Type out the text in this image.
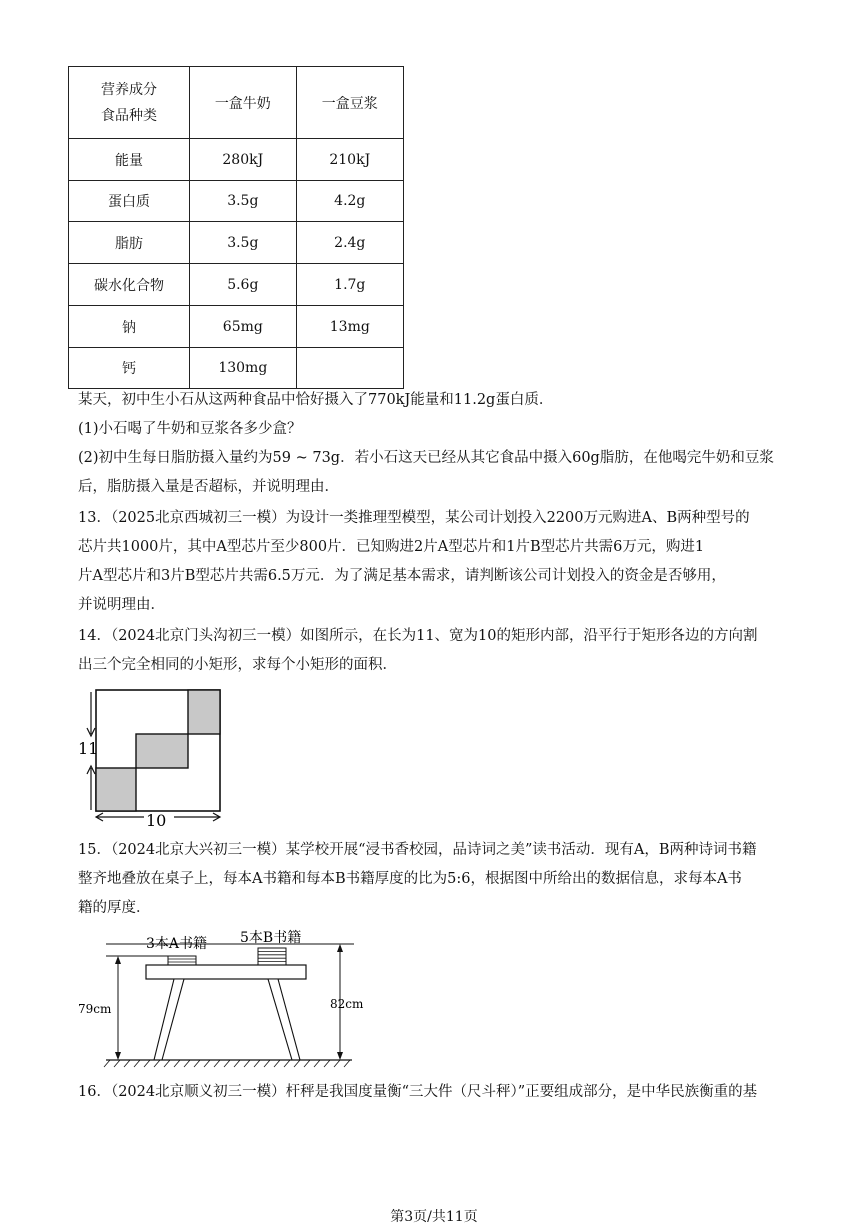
营养成分
食品种类	一盒牛奶	一盒豆浆
能量	280kJ	210kJ
蛋白质	3.5g	4.2g
脂肪	3.5g	2.4g
碳水化合物	5.6g	1.7g
钠	65mg	13mg
钙	130mg	
某天，初中生小石从这两种食品中恰好摄入了770kJ能量和11.2g蛋白质．
(1)小石喝了牛奶和豆浆各多少盒？
(2)初中生每日脂肪摄入量约为59 ~ 73g．若小石这天已经从其它食品中摄入60g脂肪，在他喝完牛奶和豆浆
后，脂肪摄入量是否超标，并说明理由．
13．（2025北京西城初三一模）为设计一类推理型模型，某公司计划投入2200万元购进A、B两种型号的
芯片共1000片，其中A型芯片至少800片．已知购进2片A型芯片和1片B型芯片共需6万元，购进1
片A型芯片和3片B型芯片共需6.5万元．为了满足基本需求，请判断该公司计划投入的资金是否够用，
并说明理由．
14．（2024北京门头沟初三一模）如图所示，在长为11、宽为10的矩形内部，沿平行于矩形各边的方向割
出三个完全相同的小矩形，求每个小矩形的面积．
11
10
15．（2024北京大兴初三一模）某学校开展“浸书香校园，品诗词之美”读书活动．现有A，B两种诗词书籍
整齐地叠放在桌子上，每本A书籍和每本B书籍厚度的比为5:6，根据图中所给出的数据信息，求每本A书
籍的厚度．
3本A书籍 5本B书籍
79cm	82cm
16．（2024北京顺义初三一模）杆秤是我国度量衡“三大件（尺斗秤）”正要组成部分，是中华民族衡重的基
第3页/共11页
